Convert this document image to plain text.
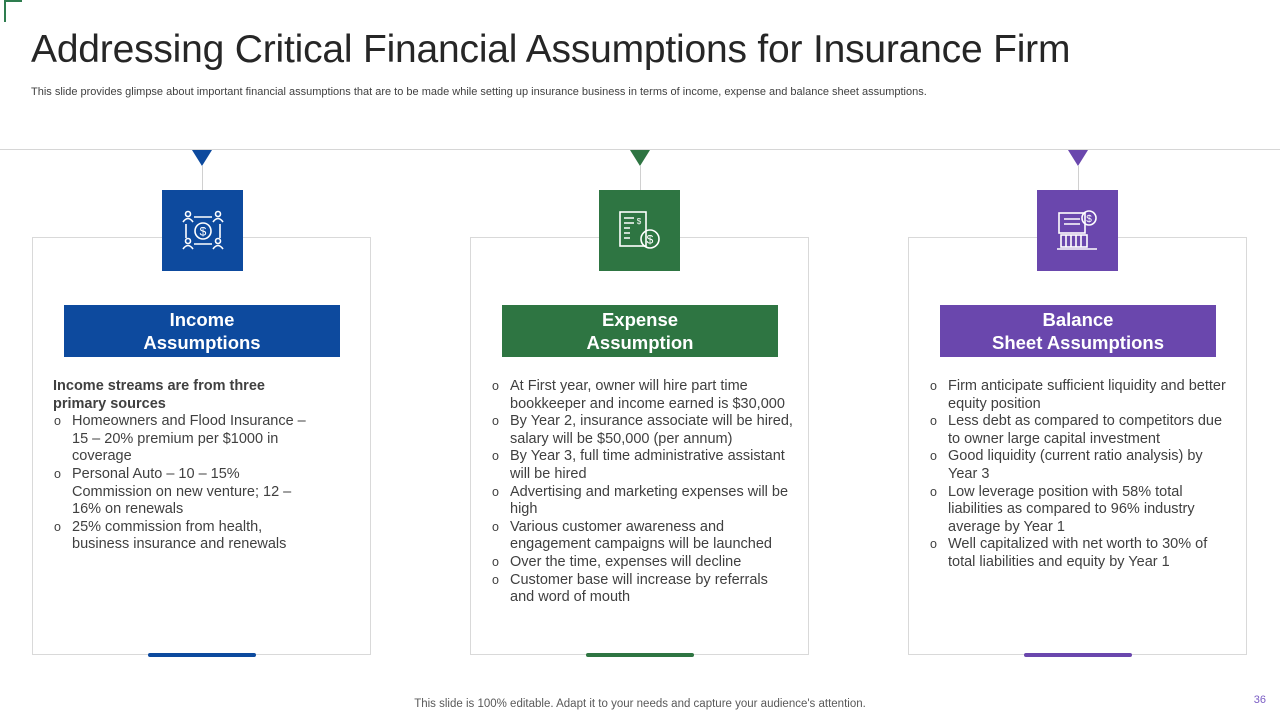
Addressing Critical Financial Assumptions for Insurance Firm
This slide provides glimpse about important financial assumptions that are to be made while setting up insurance business in terms of income, expense and balance sheet assumptions.
$
Income
Assumptions
Income streams are from three
primary sources
o Homeowners and Flood Insurance – 15 – 20% premium per $1000 in coverage
o Personal Auto – 10 – 15% Commission on new venture; 12 – 16% on renewals
o 25% commission from health, business insurance and renewals
$
$
Expense
Assumption
o At First year, owner will hire part time bookkeeper and income earned is $30,000
o By Year 2, insurance associate will be hired, salary will be $50,000 (per annum)
o By Year 3, full time administrative assistant will be hired
o Advertising and marketing expenses will be high
o Various customer awareness and engagement campaigns will be launched
o Over the time, expenses will decline
o Customer base will increase by referrals and word of mouth
$
Balance
Sheet Assumptions
o Firm anticipate sufficient liquidity and better equity position
o Less debt as compared to competitors due to owner large capital investment
o Good liquidity (current ratio analysis) by Year 3
o Low leverage position with 58% total liabilities as compared to 96% industry average by Year 1
o Well capitalized with net worth to 30% of total liabilities and equity by Year 1
This slide is 100% editable. Adapt it to your needs and capture your audience's attention.	36
